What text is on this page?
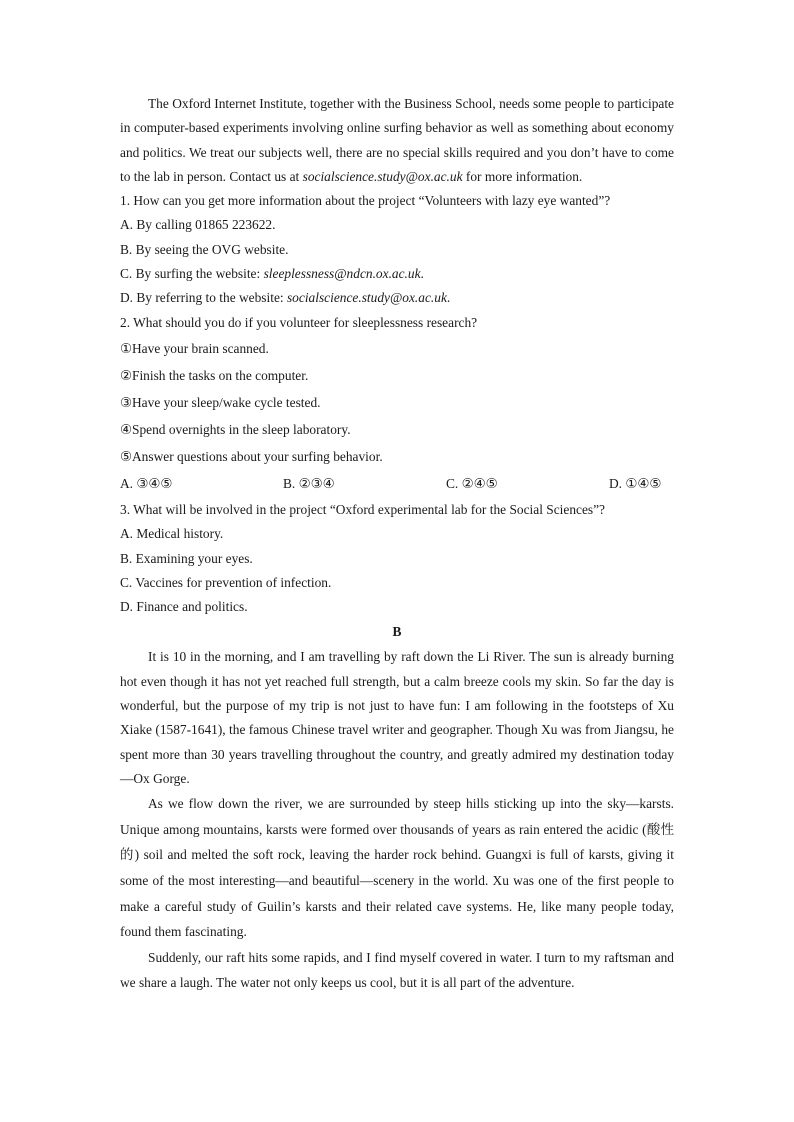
The Oxford Internet Institute, together with the Business School, needs some people to participate in computer-based experiments involving online surfing behavior as well as something about economy and politics. We treat our subjects well, there are no special skills required and you don’t have to come to the lab in person. Contact us at socialscience.study@ox.ac.uk for more information.

1. How can you get more information about the project “Volunteers with lazy eye wanted”?

A. By calling 01865 223622.

B. By seeing the OVG website.

C. By surfing the website: sleeplessness@ndcn.ox.ac.uk.

D. By referring to the website: socialscience.study@ox.ac.uk.

2. What should you do if you volunteer for sleeplessness research?

①Have your brain scanned.

②Finish the tasks on the computer.

③Have your sleep/wake cycle tested.

④Spend overnights in the sleep laboratory.

⑤Answer questions about your surfing behavior.

A. ③④⑤	B. ②③④	C. ②④⑤	D. ①④⑤

3. What will be involved in the project “Oxford experimental lab for the Social Sciences”?

A. Medical history.

B. Examining your eyes.

C. Vaccines for prevention of infection.

D. Finance and politics.

B

It is 10 in the morning, and I am travelling by raft down the Li River. The sun is already burning hot even though it has not yet reached full strength, but a calm breeze cools my skin. So far the day is wonderful, but the purpose of my trip is not just to have fun: I am following in the footsteps of Xu Xiake (1587-1641), the famous Chinese travel writer and geographer. Though Xu was from Jiangsu, he spent more than 30 years travelling throughout the country, and greatly admired my destination today—Ox Gorge.

As we flow down the river, we are surrounded by steep hills sticking up into the sky—karsts. Unique among mountains, karsts were formed over thousands of years as rain entered the acidic (酸性的) soil and melted the soft rock, leaving the harder rock behind. Guangxi is full of karsts, giving it some of the most interesting—and beautiful—scenery in the world. Xu was one of the first people to make a careful study of Guilin’s karsts and their related cave systems. He, like many people today, found them fascinating.

Suddenly, our raft hits some rapids, and I find myself covered in water. I turn to my raftsman and we share a laugh. The water not only keeps us cool, but it is all part of the adventure.
